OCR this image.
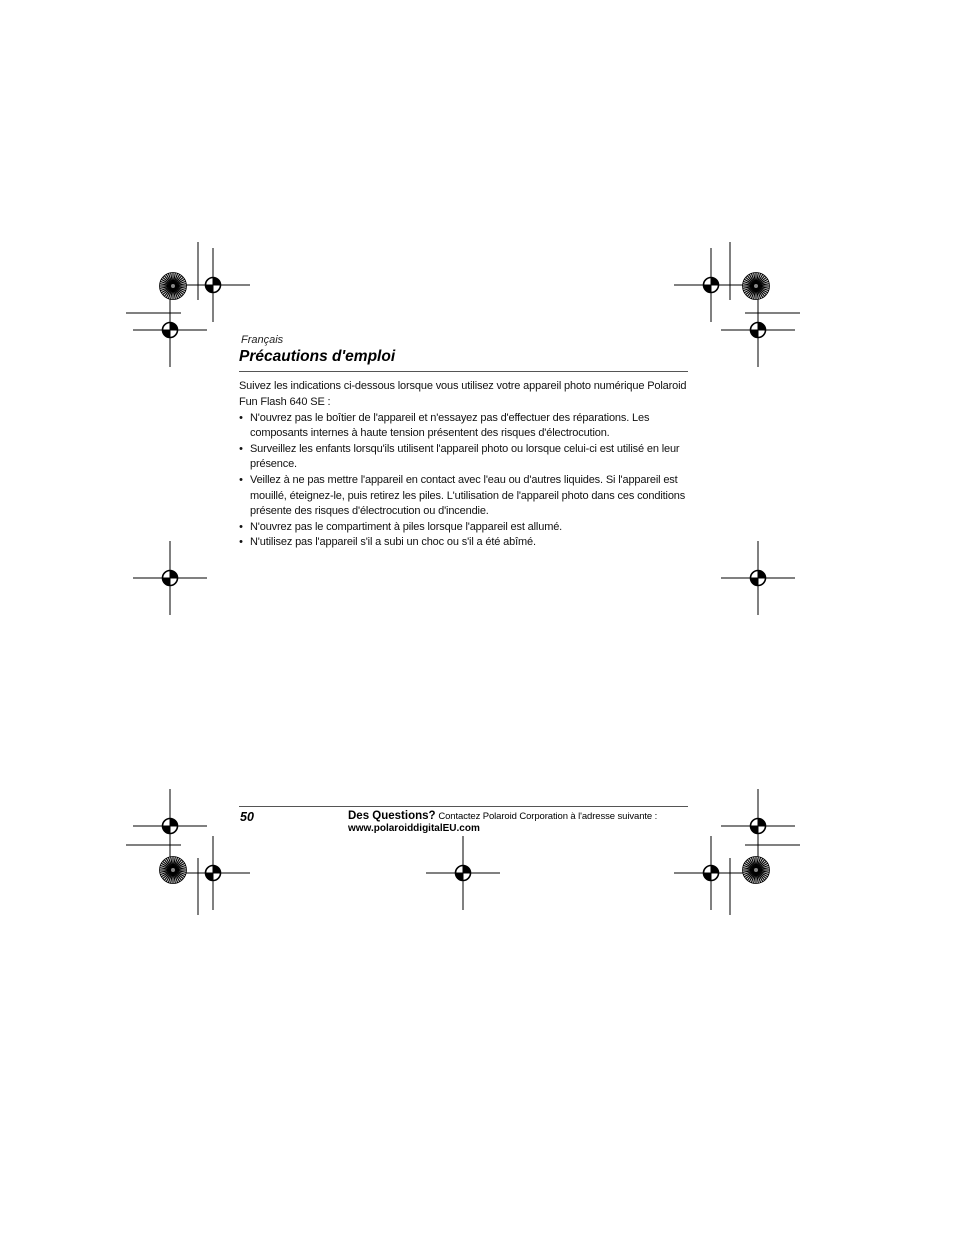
Français
Précautions d'emploi

Suivez les indications ci-dessous lorsque vous utilisez votre appareil photo numérique Polaroid Fun Flash 640 SE :

• N'ouvrez pas le boîtier de l'appareil et n'essayez pas d'effectuer des réparations. Les composants internes à haute tension présentent des risques d'électrocution.
• Surveillez les enfants lorsqu'ils utilisent l'appareil photo ou lorsque celui-ci est utilisé en leur présence.
• Veillez à ne pas mettre l'appareil en contact avec l'eau ou d'autres liquides. Si l'appareil est mouillé, éteignez-le, puis retirez les piles. L'utilisation de l'appareil photo dans ces conditions présente des risques d'électrocution ou d'incendie.
• N'ouvrez pas le compartiment à piles lorsque l'appareil est allumé.
• N'utilisez pas l'appareil s'il a subi un choc ou s'il a été abîmé.
50	Des Questions? Contactez Polaroid Corporation à l'adresse suivante :
www.polaroiddigitalEU.com
